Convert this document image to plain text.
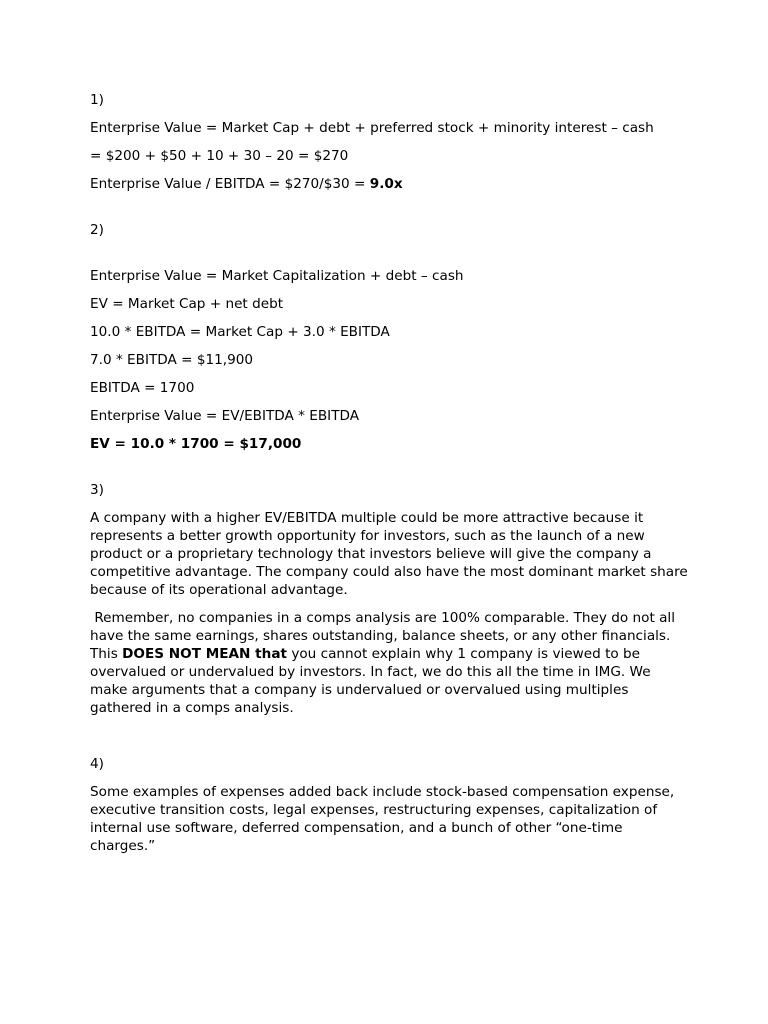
1)
Enterprise Value = Market Cap + debt + preferred stock + minority interest – cash
= $200 + $50 + 10 + 30 – 20 = $270
Enterprise Value / EBITDA = $270/$30 = 9.0x
2)
Enterprise Value = Market Capitalization + debt – cash
EV = Market Cap + net debt
10.0 * EBITDA = Market Cap + 3.0 * EBITDA
7.0 * EBITDA = $11,900
EBITDA = 1700
Enterprise Value = EV/EBITDA * EBITDA
EV = 10.0 * 1700 = $17,000
3)
A company with a higher EV/EBITDA multiple could be more attractive because it represents a better growth opportunity for investors, such as the launch of a new product or a proprietary technology that investors believe will give the company a competitive advantage. The company could also have the most dominant market share because of its operational advantage.
Remember, no companies in a comps analysis are 100% comparable. They do not all have the same earnings, shares outstanding, balance sheets, or any other financials. This DOES NOT MEAN that you cannot explain why 1 company is viewed to be overvalued or undervalued by investors. In fact, we do this all the time in IMG. We make arguments that a company is undervalued or overvalued using multiples gathered in a comps analysis.
4)
Some examples of expenses added back include stock-based compensation expense, executive transition costs, legal expenses, restructuring expenses, capitalization of internal use software, deferred compensation, and a bunch of other “one-time charges.”
